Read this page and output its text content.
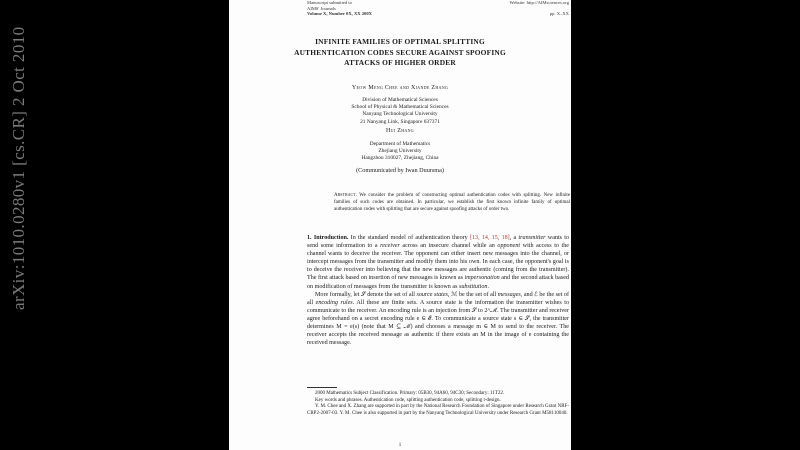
Manuscript submitted to
AIMS' Journals
Volume X, Number 0X, XX 200X
Website: http://AIMsciences.org
pp. X–XX
INFINITE FAMILIES OF OPTIMAL SPLITTING
AUTHENTICATION CODES SECURE AGAINST SPOOFING
ATTACKS OF HIGHER ORDER
Yeow Meng Chee and Xiande Zhang
Division of Mathematical Sciences
School of Physical & Mathematical Sciences
Nanyang Technological University
21 Nanyang Link, Singapore 637371
Hui Zhang
Department of Mathematics
Zhejiang University
Hangzhou 310027, Zhejiang, China
(Communicated by Iwan Duursma)

Abstract. We consider the problem of constructing optimal authentication codes with splitting. New infinite families of such codes are obtained. In particular, we establish the first known infinite family of optimal authentication codes with splitting that are secure against spoofing attacks of order two.

1. Introduction. In the standard model of authentication theory [13, 14, 15, 18], a transmitter wants to send some information to a receiver across an insecure channel while an opponent with access to the channel wants to deceive the receiver. The opponent can either insert new messages into the channel, or intercept messages from the transmitter and modify them into his own. In each case, the opponent's goal is to deceive the receiver into believing that the new messages are authentic (coming from the transmitter). The first attack based on insertion of new messages is known as impersonation and the second attack based on modification of messages from the transmitter is known as substitution.

More formally, let 𝒮 denote the set of all source states, ℳ be the set of all messages, and ℰ be the set of all encoding rules. All these are finite sets. A source state is the information the transmitter wishes to communicate to the receiver. An encoding rule is an injection from 𝒮 to 2^ℳ. The transmitter and receiver agree beforehand on a secret encoding rule e ∈ ℰ. To communicate a source state s ∈ 𝒮, the transmitter determines M = e(s) (note that M ⊆ ℳ) and chooses a message m ∈ M to send to the receiver. The receiver accepts the received message as authentic if there exists an M in the image of e containing the received message.

2000 Mathematics Subject Classification. Primary: 05B30, 94A60, 94C30; Secondary: 11T22.

Key words and phrases. Authentication code, splitting authentication code, splitting t-design.

Y. M. Chee and X. Zhang are supported in part by the National Research Foundation of Singapore under Research Grant NRF-CRP2-2007-03. Y. M. Chee is also supported in part by the Nanyang Technological University under Research Grant M58110040.

1
arXiv:1010.0280v1 [cs.CR] 2 Oct 2010
